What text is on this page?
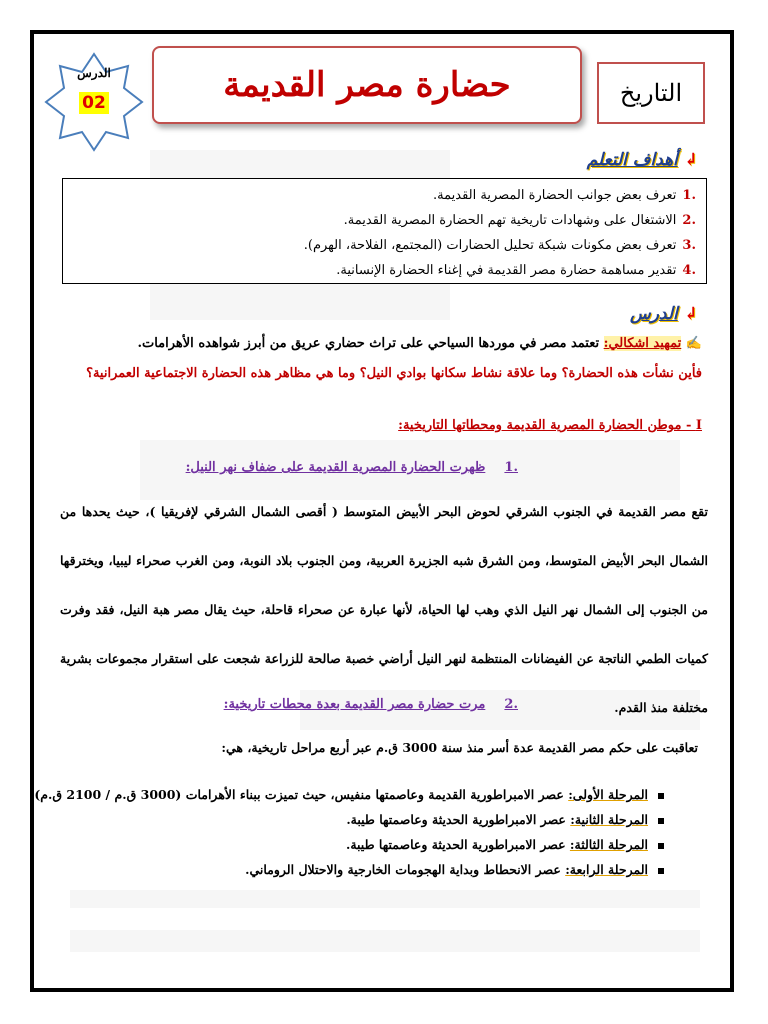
الدرس
02	حضارة مصر القديمة	التاريخ
↲أهداف التعلم
.1تعرف بعض جوانب الحضارة المصرية القديمة.
.2الاشتغال على وشهادات تاريخية تهم الحضارة المصرية القديمة.
.3تعرف بعض مكونات شبكة تحليل الحضارات (المجتمع، الفلاحة، الهرم).
.4تقدير مساهمة حضارة مصر القديمة في إغناء الحضارة الإنسانية.
↲الدرس
✍ تمهيد اشكالي: تعتمد مصر في موردها السياحي على تراث حضاري عريق من أبرز شواهده الأهرامات.
فأين نشأت هذه الحضارة؟ وما علاقة نشاط سكانها بوادي النيل؟ وما هي مظاهر هذه الحضارة الاجتماعية العمرانية؟
I - موطن الحضارة المصرية القديمة ومحطاتها التاريخية:
.1 ظهرت الحضارة المصرية القديمة على ضفاف نهر النيل:
تقع مصر القديمة في الجنوب الشرقي لحوض البحر الأبيض المتوسط ( أقصى الشمال الشرقي لإفريقيا )، حيث يحدها من الشمال البحر الأبيض المتوسط، ومن الشرق شبه الجزيرة العربية، ومن الجنوب بلاد النوبة، ومن الغرب صحراء ليبيا، ويخترقها من الجنوب إلى الشمال نهر النيل الذي وهب لها الحياة، لأنها عبارة عن صحراء قاحلة، حيث يقال مصر هبة النيل، فقد وفرت كميات الطمي الناتجة عن الفيضانات المنتظمة لنهر النيل أراضي خصبة صالحة للزراعة شجعت على استقرار مجموعات بشرية مختلفة منذ القدم.
.2 مرت حضارة مصر القديمة بعدة محطات تاريخية:
تعاقبت على حكم مصر القديمة عدة أسر منذ سنة 3000 ق.م عبر أربع مراحل تاريخية، هي:
المرحلة الأولى: عصر الامبراطورية القديمة وعاصمتها منفيس، حيث تميزت ببناء الأهرامات (3000 ق.م / 2100 ق.م)
المرحلة الثانية: عصر الامبراطورية الحديثة وعاصمتها طيبة.
المرحلة الثالثة: عصر الامبراطورية الحديثة وعاصمتها طيبة.
المرحلة الرابعة: عصر الانحطاط وبداية الهجومات الخارجية والاحتلال الروماني.
